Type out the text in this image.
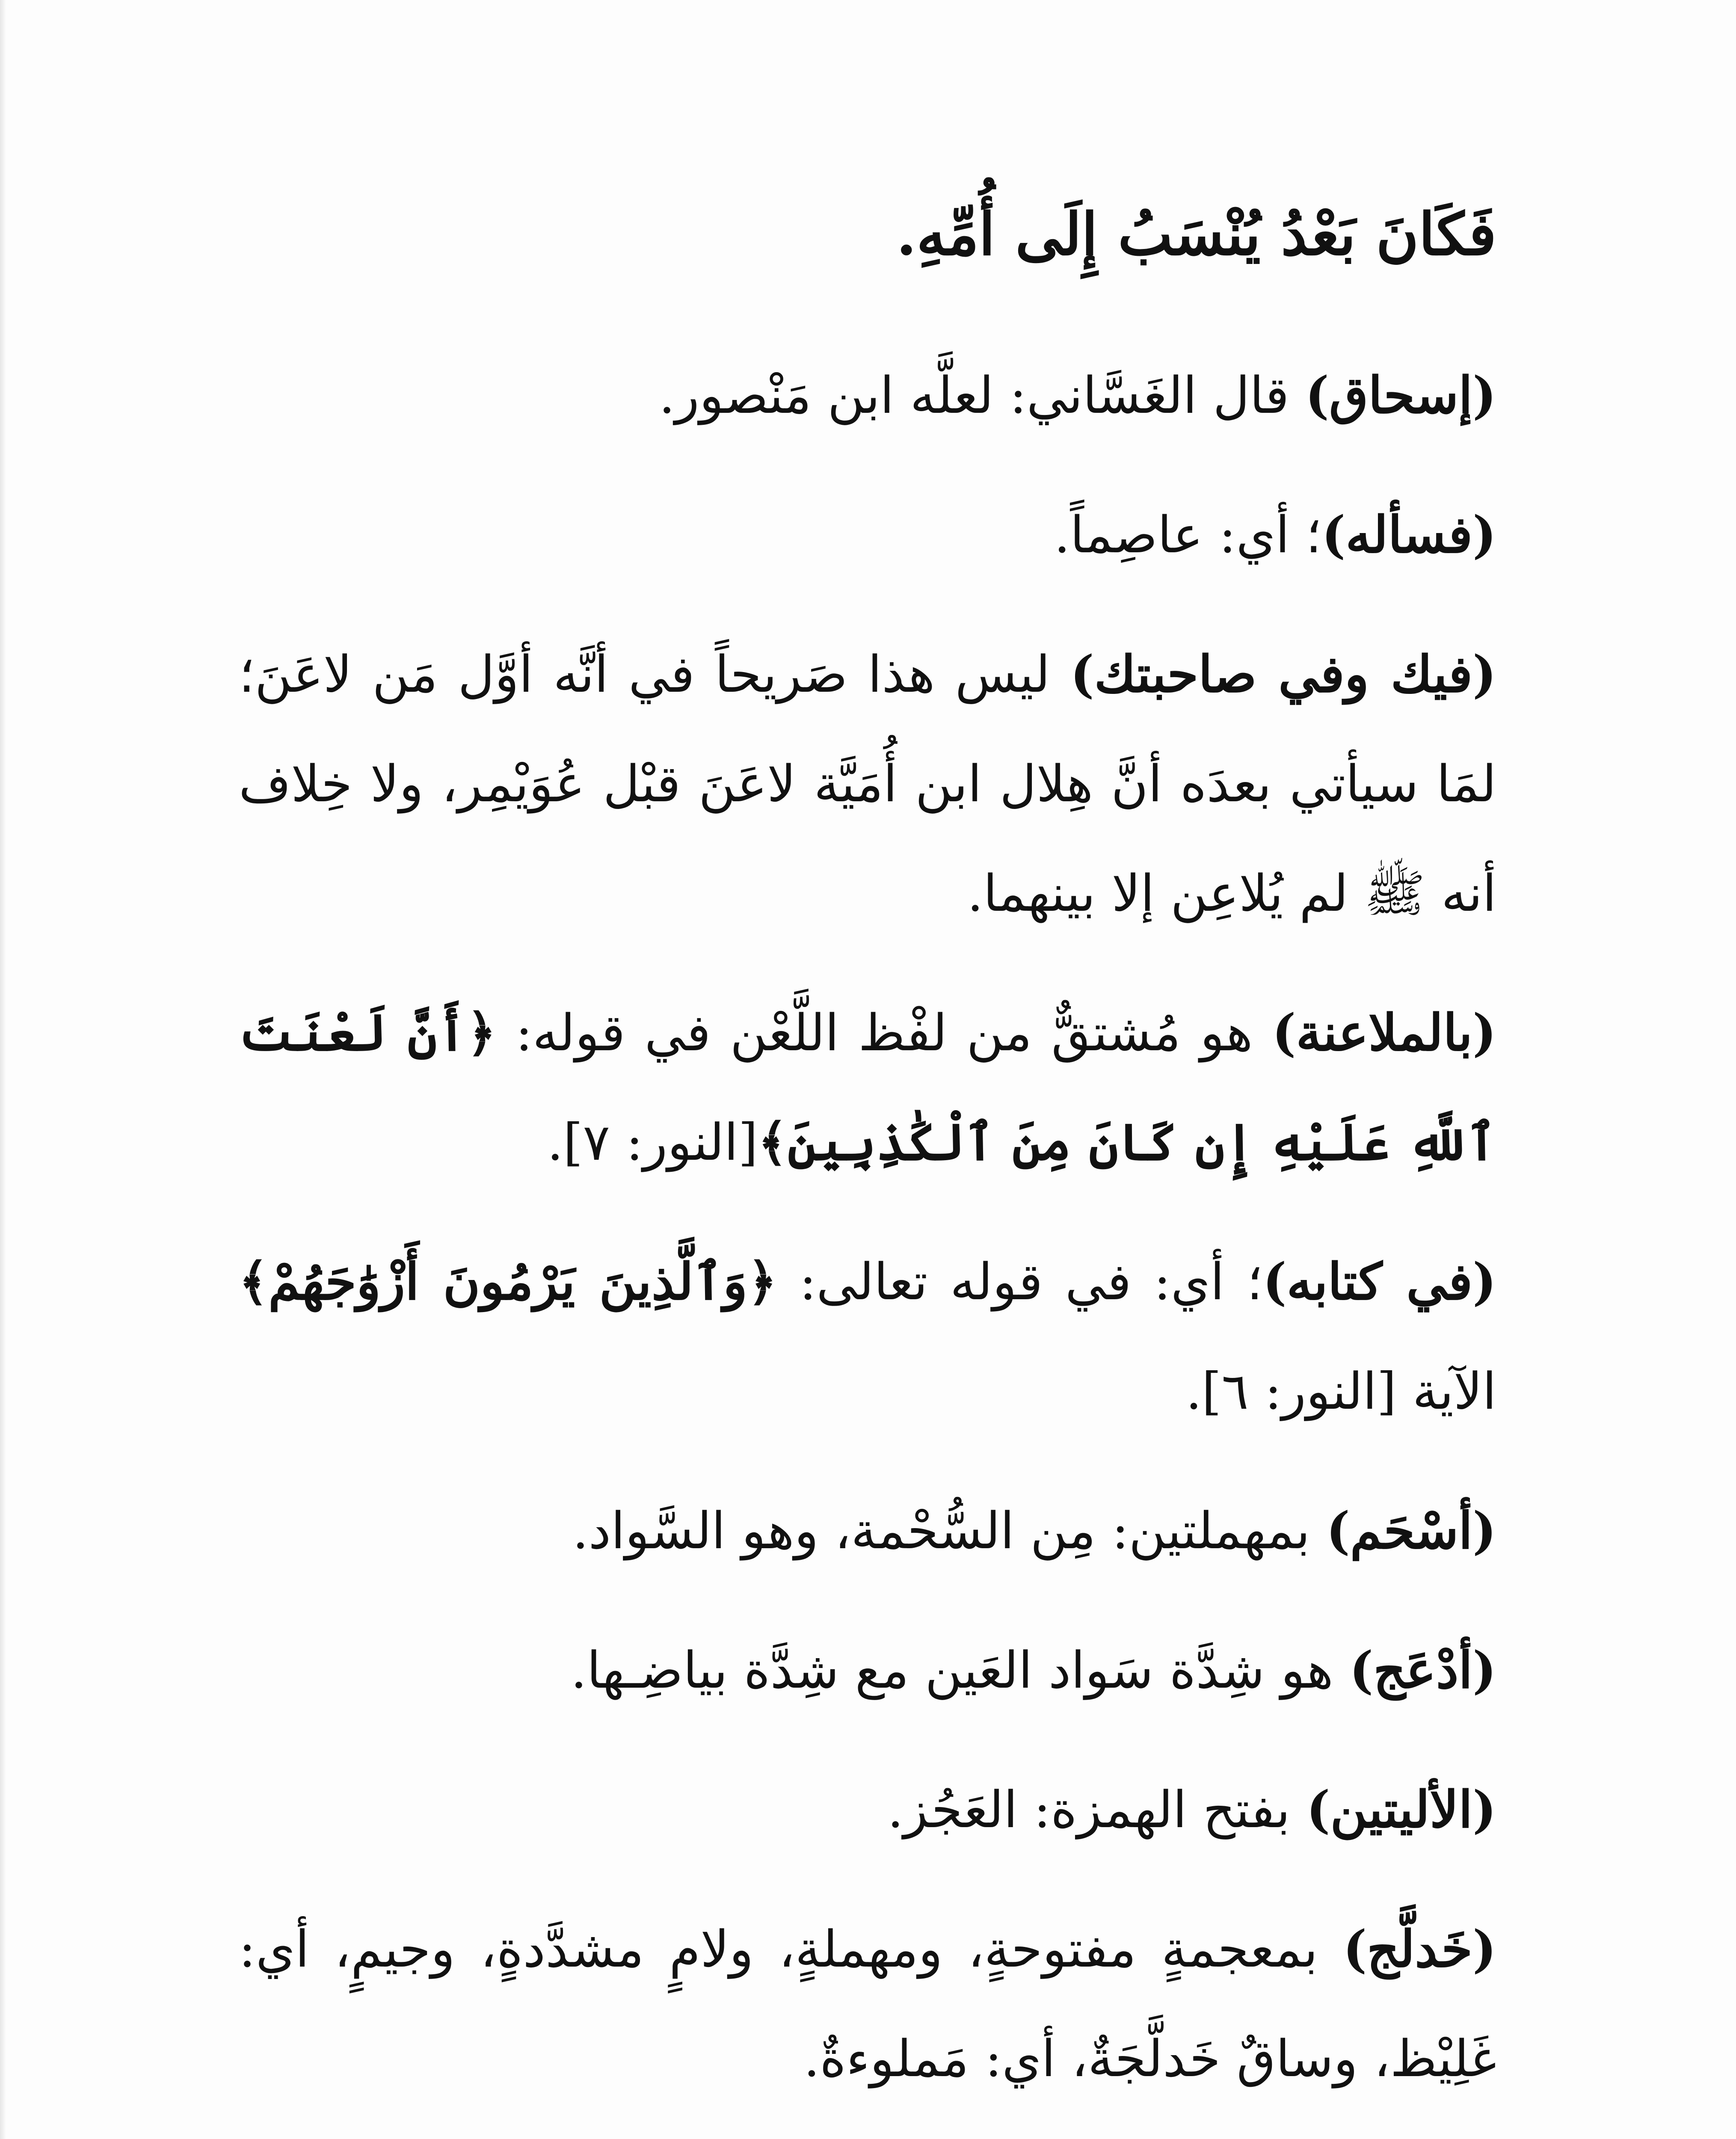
فَكَانَ بَعْدُ يُنْسَبُ إِلَى أُمِّهِ.

(إسحاق) قال الغَسَّاني: لعلَّه ابن مَنْصور.

(فسأله)؛ أي: عاصِماً.

(فيك وفي صاحبتك) ليس هذا صَريحاً في أنَّه أوَّل مَن لاعَنَ؛ لمَا سيأتي بعدَه أنَّ هِلال ابن أُمَيَّة لاعَنَ قبْل عُوَيْمِر، ولا خِلاف أنه ﷺ لم يُلاعِن إلا بينهما.

(بالملاعنة) هو مُشتقٌّ من لفْظ اللَّعْن في قوله: ﴿أَنَّ لَعْنَتَ ٱللَّهِ عَلَيْهِ إِن كَانَ مِنَ ٱلْكَٰذِبِينَ﴾[النور: ٧].

(في كتابه)؛ أي: في قوله تعالى: ﴿وَٱلَّذِينَ يَرْمُونَ أَزْوَٰجَهُمْ﴾ الآية [النور: ٦].

(أسْحَم) بمهملتين: مِن السُّحْمة، وهو السَّواد.

(أدْعَج) هو شِدَّة سَواد العَين مع شِدَّة بياضِـها.

(الأليتين) بفتح الهمزة: العَجُز.

(خَدلَّج) بمعجمةٍ مفتوحةٍ، ومهملةٍ، ولامٍ مشدَّدةٍ، وجيمٍ، أي: غَلِيْظ، وساقٌ خَدلَّجَةٌ، أي: مَملوءةٌ.
